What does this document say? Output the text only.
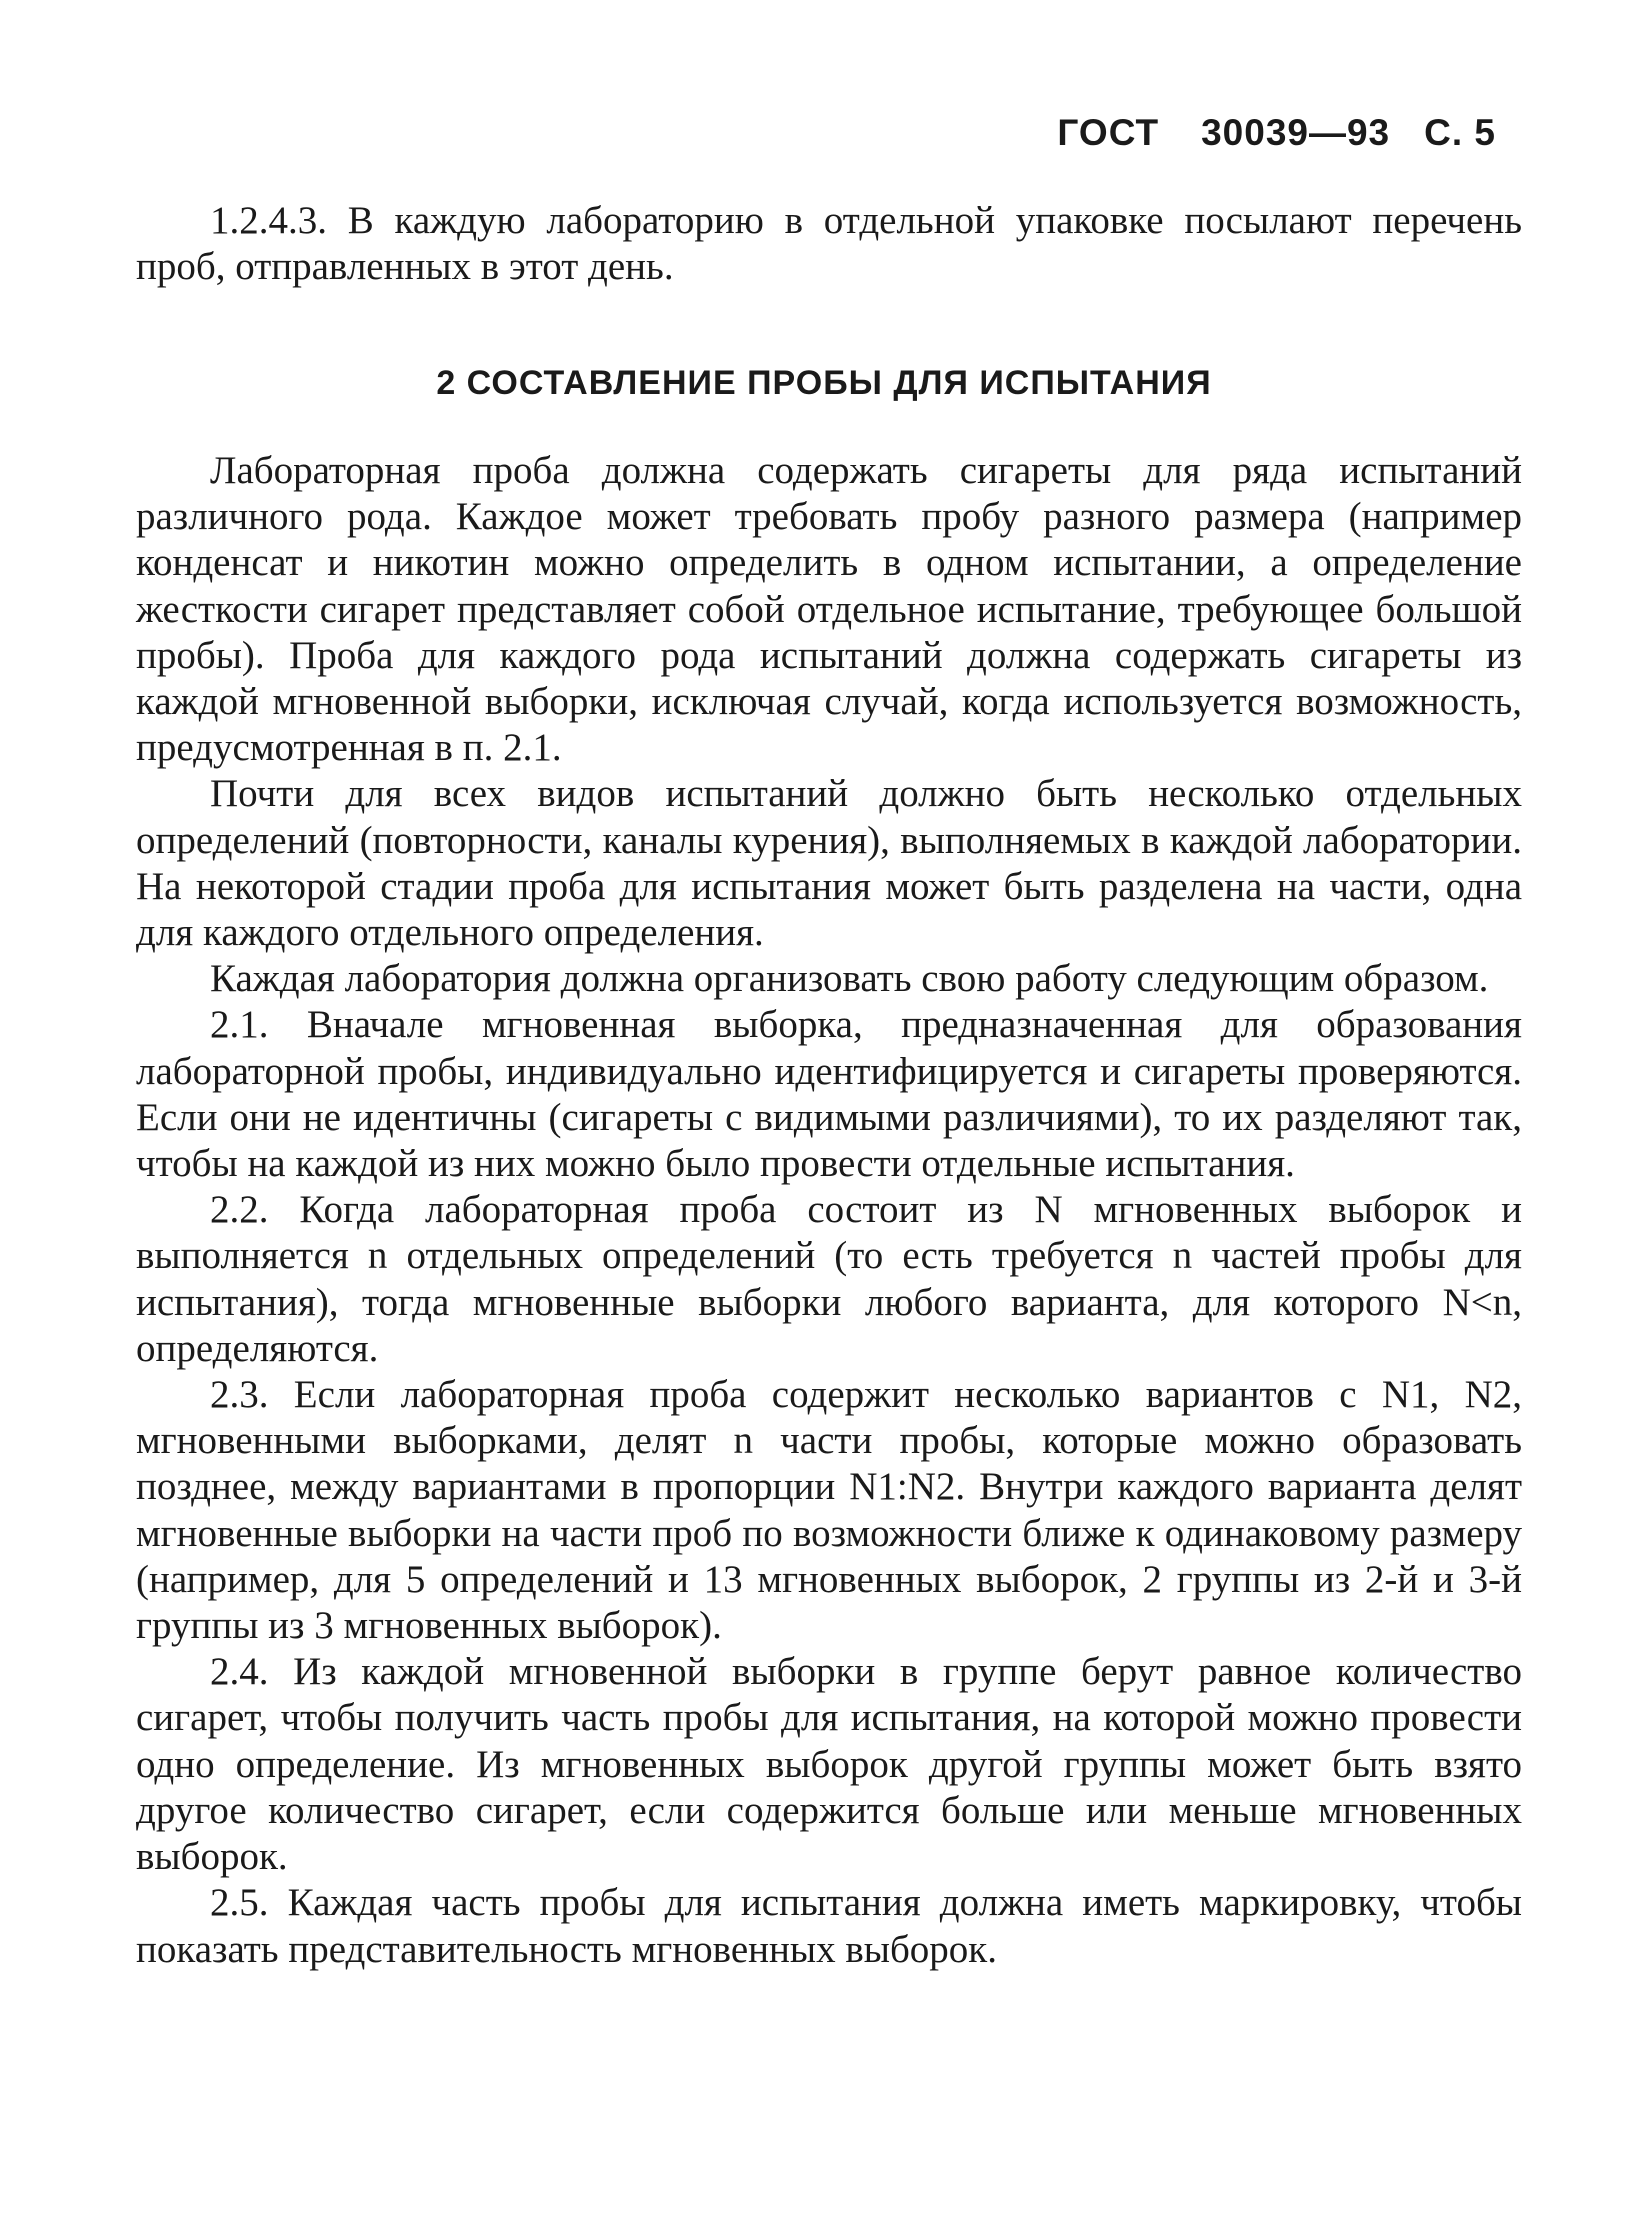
ГОСТ 30039—93 С. 5

1.2.4.3. В каждую лабораторию в отдельной упаковке посылают перечень проб, отправленных в этот день.

2 СОСТАВЛЕНИЕ ПРОБЫ ДЛЯ ИСПЫТАНИЯ

Лабораторная проба должна содержать сигареты для ряда испытаний различного рода. Каждое может требовать пробу разного размера (например конденсат и никотин можно определить в одном испытании, а определение жесткости сигарет представляет собой отдельное испытание, требующее большой пробы). Проба для каждого рода испытаний должна содержать сигареты из каждой мгновенной выборки, исключая случай, когда используется возможность, предусмотренная в п. 2.1.

Почти для всех видов испытаний должно быть несколько отдельных определений (повторности, каналы курения), выполняемых в каждой лаборатории. На некоторой стадии проба для испытания может быть разделена на части, одна для каждого отдельного определения.

Каждая лаборатория должна организовать свою работу следующим образом.

2.1. Вначале мгновенная выборка, предназначенная для образования лабораторной пробы, индивидуально идентифицируется и сигареты проверяются. Если они не идентичны (сигареты с видимыми различиями), то их разделяют так, чтобы на каждой из них можно было провести отдельные испытания.

2.2. Когда лабораторная проба состоит из N мгновенных выборок и выполняется n отдельных определений (то есть требуется n частей пробы для испытания), тогда мгновенные выборки любого варианта, для которого N<n, определяются.

2.3. Если лабораторная проба содержит несколько вариантов с N1, N2, мгновенными выборками, делят n части пробы, которые можно образовать позднее, между вариантами в пропорции N1:N2. Внутри каждого варианта делят мгновенные выборки на части проб по возможности ближе к одинаковому размеру (например, для 5 определений и 13 мгновенных выборок, 2 группы из 2-й и 3-й группы из 3 мгновенных выборок).

2.4. Из каждой мгновенной выборки в группе берут равное количество сигарет, чтобы получить часть пробы для испытания, на которой можно провести одно определение. Из мгновенных выборок другой группы может быть взято другое количество сигарет, если содержится больше или меньше мгновенных выборок.

2.5. Каждая часть пробы для испытания должна иметь маркировку, чтобы показать представительность мгновенных выборок.
